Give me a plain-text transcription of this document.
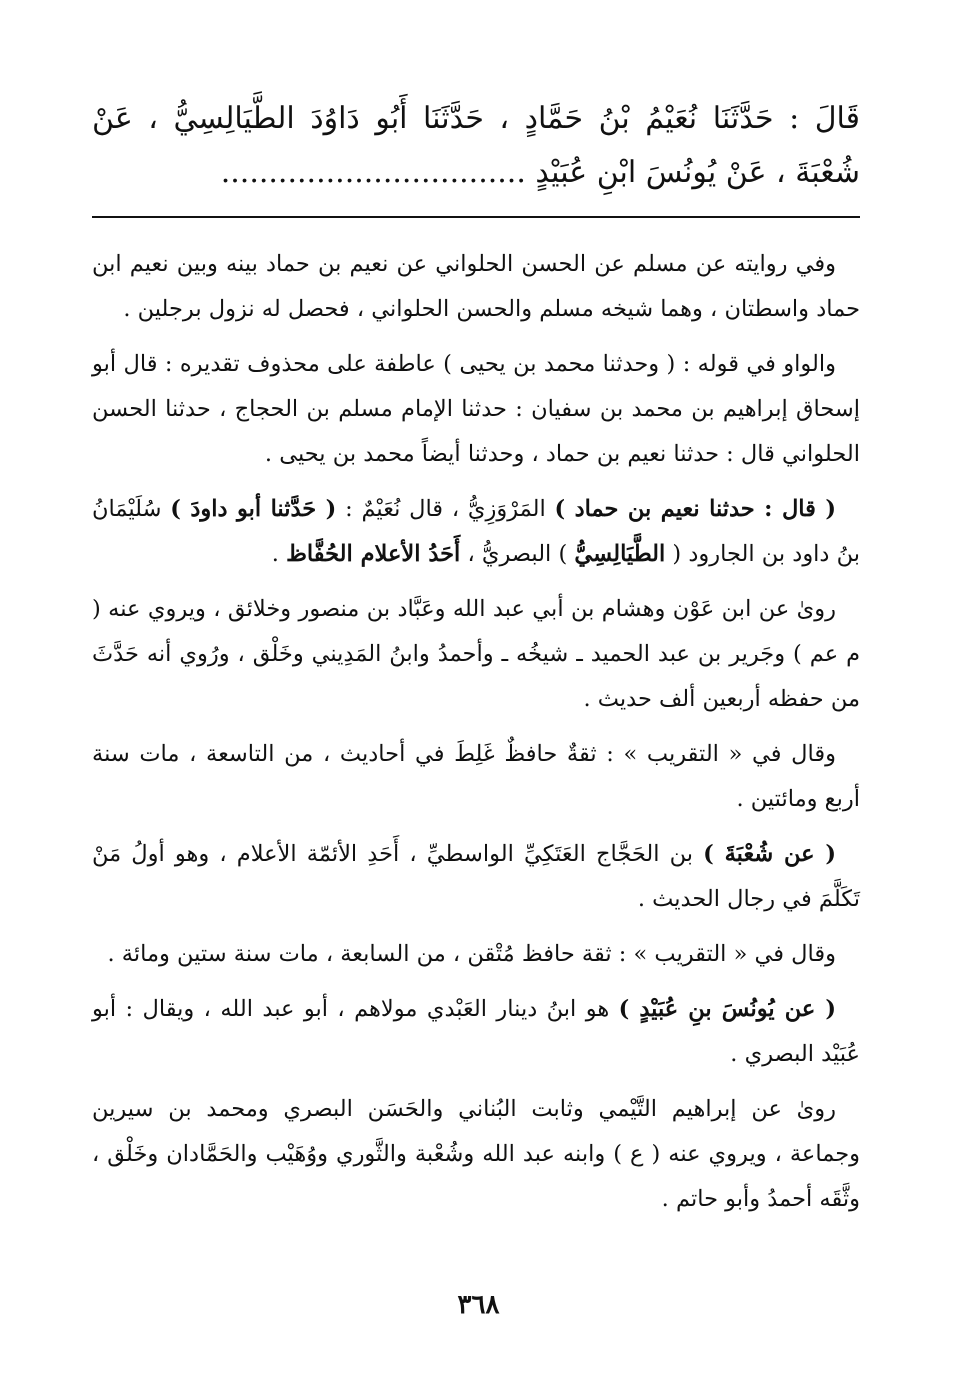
قَالَ : حَدَّثَنَا نُعَيْمُ بْنُ حَمَّادٍ ، حَدَّثَنَا أَبُو دَاوُدَ الطَّيَالِسِيُّ ، عَنْ شُعْبَةَ ، عَنْ يُونُسَ ابْنِ عُبَيْدٍ ................................

وفي روايته عن مسلم عن الحسن الحلواني عن نعيم بن حماد بينه وبين نعيم ابن حماد واسطتان ، وهما شيخه مسلم والحسن الحلواني ، فحصل له نزول برجلين .

والواو في قوله : ( وحدثنا محمد بن يحيى ) عاطفة على محذوف تقديره : قال أبو إسحاق إبراهيم بن محمد بن سفيان : حدثنا الإمام مسلم بن الحجاج ، حدثنا الحسن الحلواني قال : حدثنا نعيم بن حماد ، وحدثنا أيضاً محمد بن يحيى .

( قال : حدثنا نعيم بن حماد ) المَرْوَزِيُّ ، قال نُعَيْمٌ : ( حَدَّثنا أبو داودَ ) سُلَيْمَانُ بنُ داود بن الجارود ( الطَّيَالِسِيُّ ) البصريُّ ، أَحَدُ الأعلام الحُفَّاظ .

روىٰ عن ابن عَوْن وهشام بن أبي عبد الله وعَبَّاد بن منصور وخلائق ، ويروي عنه ( م عم ) وجَرير بن عبد الحميد ـ شيخُه ـ وأحمدُ وابنُ المَدِيني وخَلْق ، ورُوي أنه حَدَّثَ من حفظه أربعين ألف حديث .

وقال في « التقريب » : ثقةٌ حافظٌ غَلِطَ في أحاديث ، من التاسعة ، مات سنة أربع ومائتين .

( عن شُعْبَةَ ) بن الحَجَّاج العَتَكِيِّ الواسطيِّ ، أَحَدِ الأئمّة الأعلام ، وهو أولُ مَنْ تَكَلَّمَ في رجال الحديث .

وقال في « التقريب » : ثقة حافظ مُتْقن ، من السابعة ، مات سنة ستين ومائة .

( عن يُونُسَ بنِ عُبَيْدٍ ) هو ابنُ دينار العَبْدي مولاهم ، أبو عبد الله ، ويقال : أبو عُبَيْد البصري .

روىٰ عن إبراهيم التَّيْمي وثابت البُناني والحَسَن البصري ومحمد بن سيرين وجماعة ، ويروي عنه ( ع ) وابنه عبد الله وشُعْبة والثَّوري ووُهَيْب والحَمَّادان وخَلْق ، وثَّقَه أحمدُ وأبو حاتم .

٣٦٨
